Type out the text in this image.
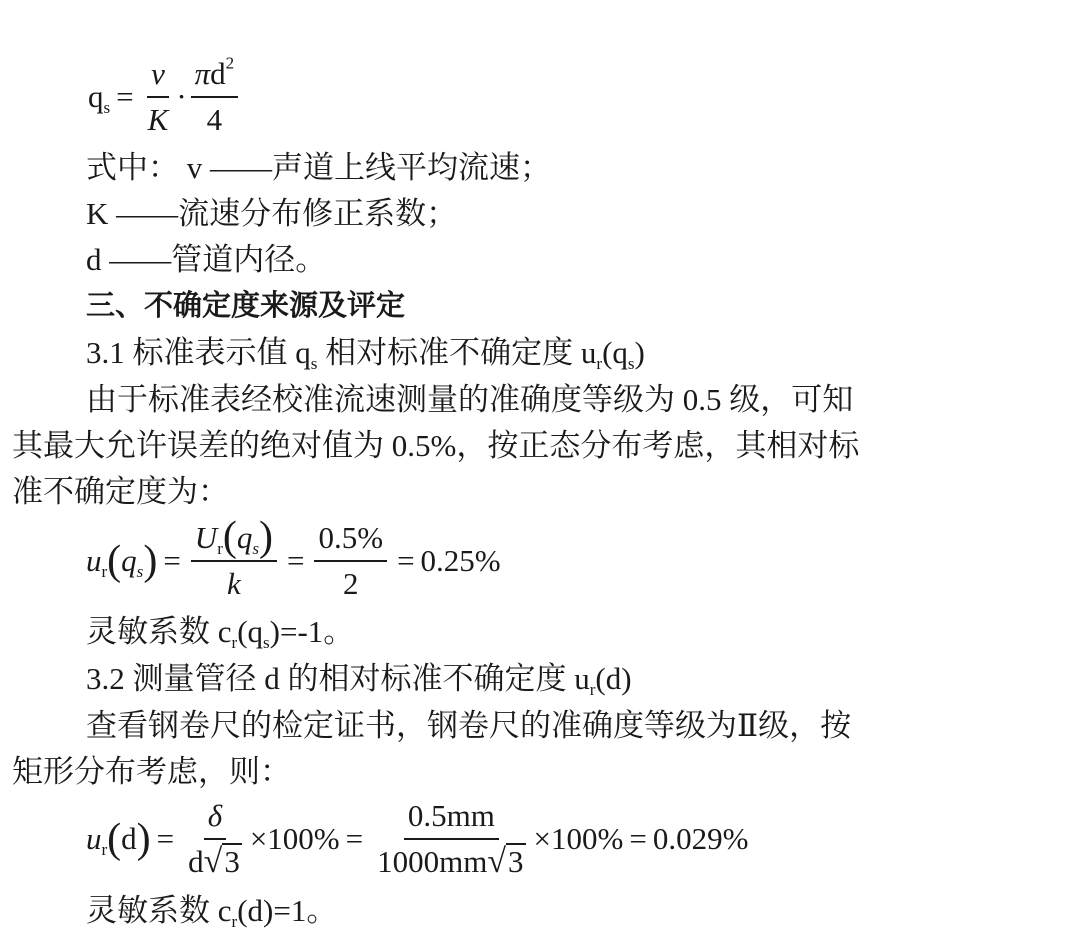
$q_s = \frac{v}{K} \cdot \frac{\pi d^2}{4}$
式中： v ——声道上线平均流速；
K ——流速分布修正系数；
d ——管道内径。
三、不确定度来源及评定
3.1 标准表示值 $q_s$ 相对标准不确定度 $u_r(q_s)$
由于标准表经校准流速测量的准确度等级为 0.5 级，可知
其最大允许误差的绝对值为 0.5%，按正态分布考虑，其相对标
准不确定度为：
$u_r$ ( $q_s$ ) = $\frac{U_r(q_s)}{k} = \frac{0.5\%}{2} = 0.25\%$
灵敏系数 $c_r(q_s)=-1$。
3.2 测量管径 d 的相对标准不确定度 $u_r(d)$
查看钢卷尺的检定证书，钢卷尺的准确度等级为Ⅱ级，按
矩形分布考虑，则：
$u_r$ ( d ) = $\frac{\delta}{d √ 3} \times 100\% = \frac{0.5mm}{1000mm √ 3} \times 100\% = 0.029\%$
灵敏系数 $c_r(d)=1$。
